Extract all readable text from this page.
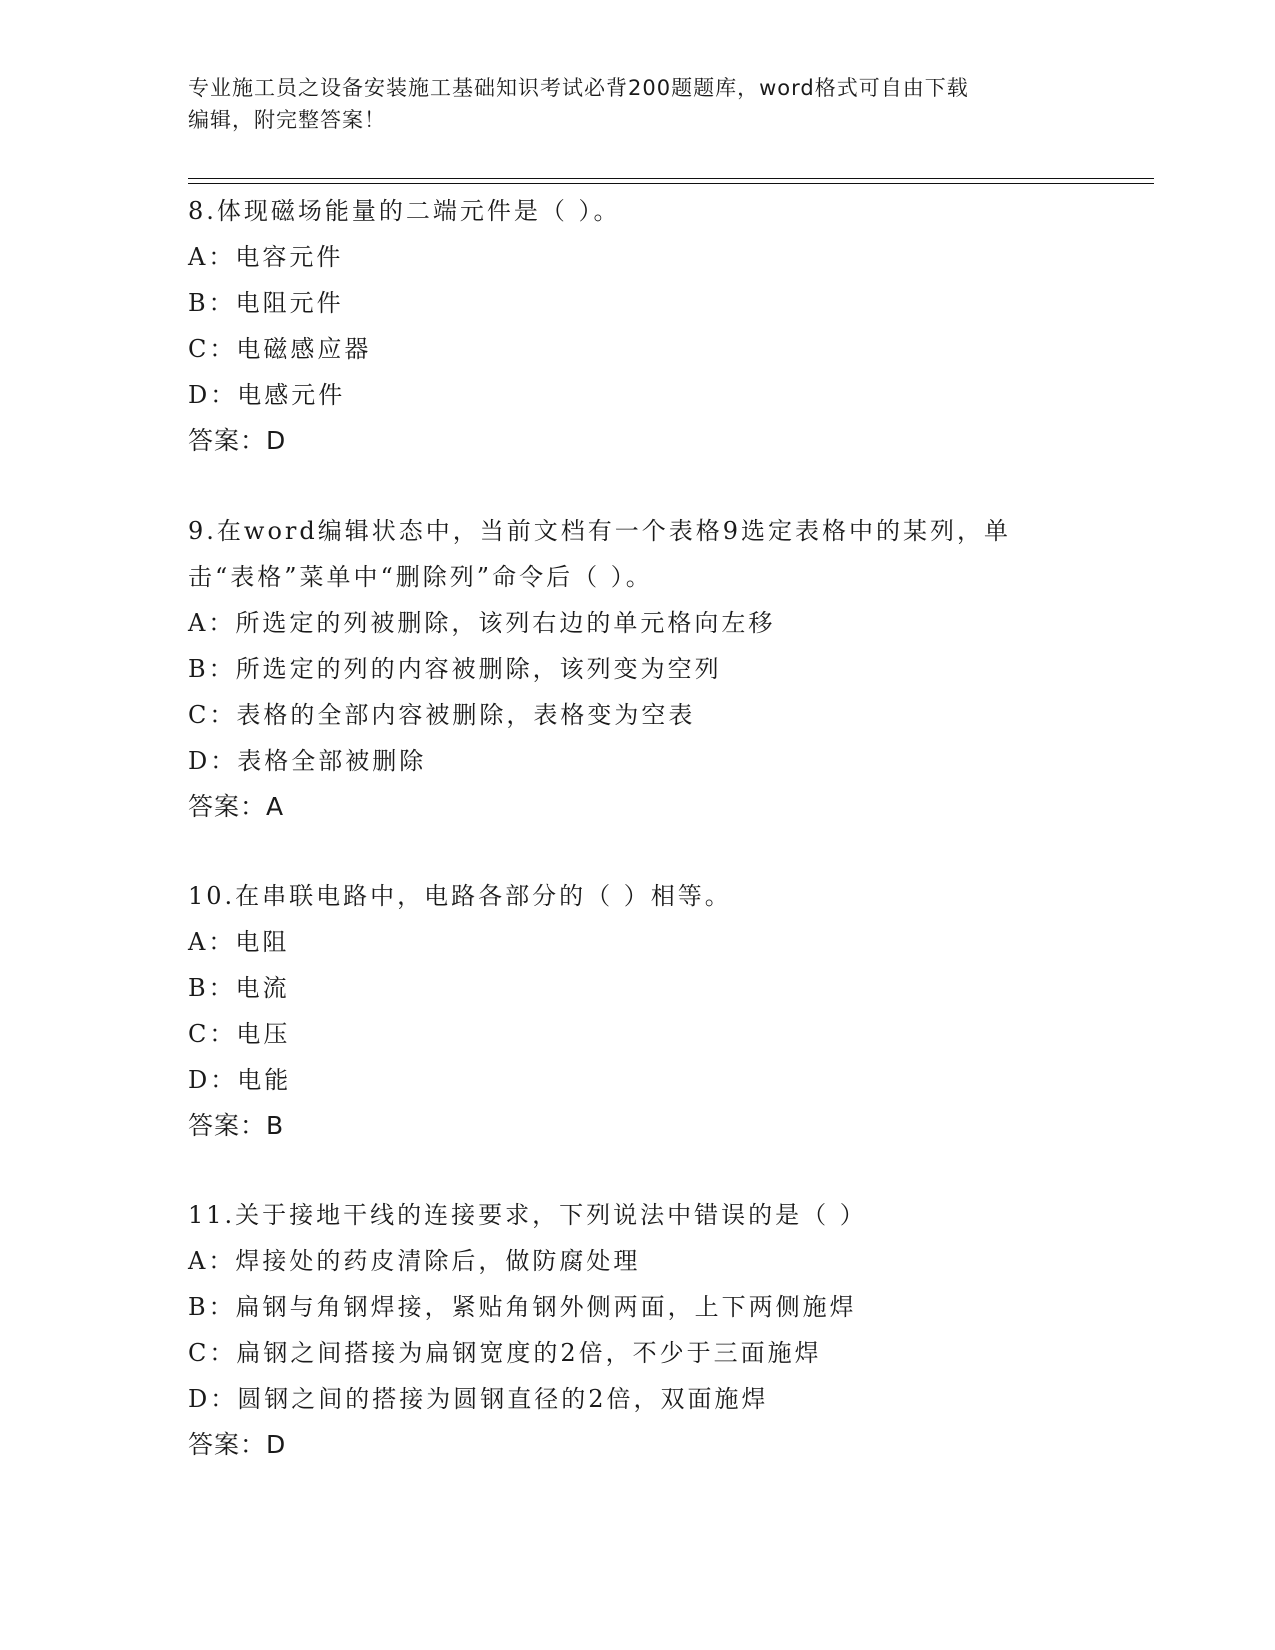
专业施工员之设备安装施工基础知识考试必背200题题库，word格式可自由下载
编辑，附完整答案！
8.体现磁场能量的二端元件是（ ）。
A：电容元件
B：电阻元件
C：电磁感应器
D：电感元件
答案：D
9.在word编辑状态中，当前文档有一个表格9选定表格中的某列，单
击“表格”菜单中“删除列”命令后（ ）。
A：所选定的列被删除，该列右边的单元格向左移
B：所选定的列的内容被删除，该列变为空列
C：表格的全部内容被删除，表格变为空表
D：表格全部被删除
答案：A
10.在串联电路中，电路各部分的（ ）相等。
A：电阻
B：电流
C：电压
D：电能
答案：B
11.关于接地干线的连接要求，下列说法中错误的是（ ）
A：焊接处的药皮清除后，做防腐处理
B：扁钢与角钢焊接，紧贴角钢外侧两面，上下两侧施焊
C：扁钢之间搭接为扁钢宽度的2倍，不少于三面施焊
D：圆钢之间的搭接为圆钢直径的2倍，双面施焊
答案：D
